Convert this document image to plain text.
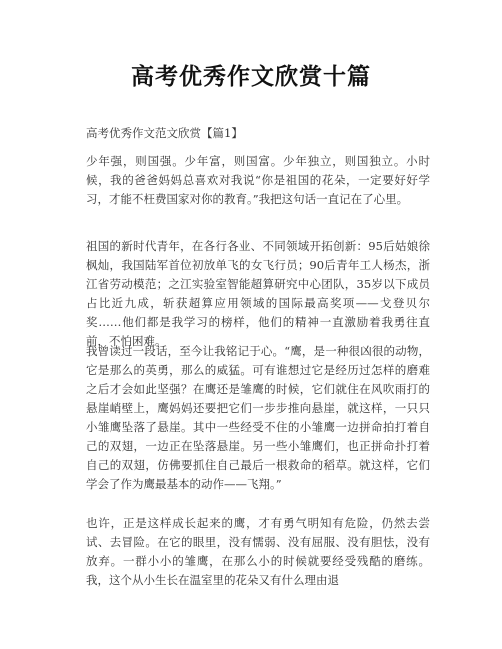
高考优秀作文欣赏十篇

高考优秀作文范文欣赏【篇1】

少年强，则国强。少年富，则国富。少年独立，则国独立。小时候，我的爸爸妈妈总喜欢对我说“你是祖国的花朵，一定要好好学习，才能不枉费国家对你的教育。”我把这句话一直记在了心里。

祖国的新时代青年，在各行各业、不同领域开拓创新：95后姑娘徐枫灿，我国陆军首位初放单飞的女飞行员；90后青年工人杨杰，浙江省劳动模范；之江实验室智能超算研究中心团队，35岁以下成员占比近九成，斩获超算应用领域的国际最高奖项——戈登贝尔奖……他们都是我学习的榜样，他们的精神一直激励着我勇往直前，不怕困难。

我曾读过一段话，至今让我铭记于心。“鹰，是一种很凶很的动物，它是那么的英勇，那么的威猛。可有谁想过它是经历过怎样的磨难之后才会如此坚强？在鹰还是雏鹰的时候，它们就住在风吹雨打的悬崖峭壁上，鹰妈妈还要把它们一步步推向悬崖，就这样，一只只小雏鹰坠落了悬崖。其中一些经受不住的小雏鹰一边拼命拍打着自己的双翅，一边正在坠落悬崖。另一些小雏鹰们，也正拼命扑打着自己的双翅，仿佛要抓住自己最后一根救命的稻草。就这样，它们学会了作为鹰最基本的动作——飞翔。”

也许，正是这样成长起来的鹰，才有勇气明知有危险，仍然去尝试、去冒险。在它的眼里，没有懦弱、没有屈服、没有胆怯，没有放弃。一群小小的雏鹰，在那么小的时候就要经受残酷的磨练。我，这个从小生长在温室里的花朵又有什么理由退
